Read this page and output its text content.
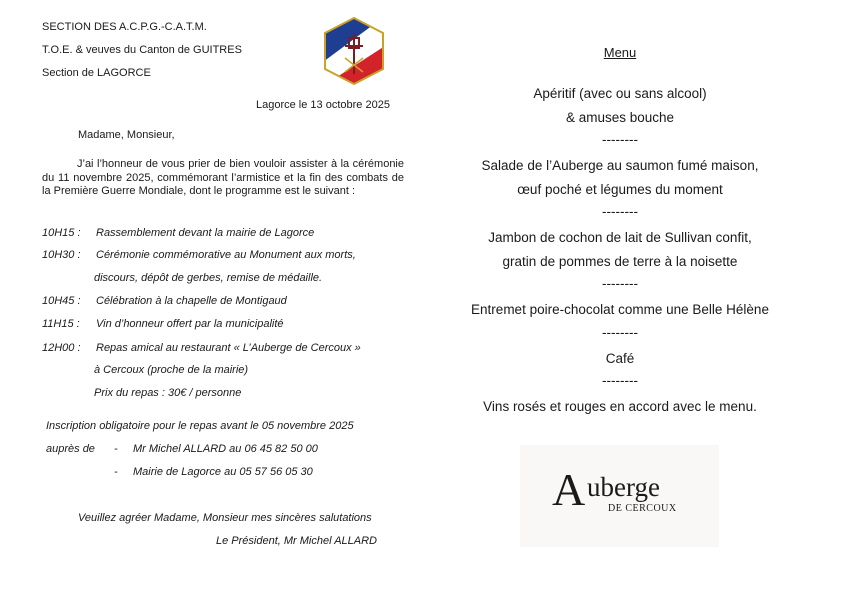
SECTION DES A.C.P.G.-C.A.T.M.
T.O.E. & veuves du Canton de GUITRES
Section de LAGORCE
Lagorce le 13 octobre 2025
Madame, Monsieur,
J’ai l’honneur de vous prier de bien vouloir assister à la cérémonie du 11 novembre 2025, commémorant l’armistice et la fin des combats de la Première Guerre Mondiale, dont le programme est le suivant :
10H15 : Rassemblement devant la mairie de Lagorce
10H30 : Cérémonie commémorative au Monument aux morts,
discours, dépôt de gerbes, remise de médaille.
10H45 : Célébration à la chapelle de Montigaud
11H15 : Vin d’honneur offert par la municipalité
12H00 : Repas amical au restaurant « L’Auberge de Cercoux »
à Cercoux (proche de la mairie)
Prix du repas : 30€ / personne
Inscription obligatoire pour le repas avant le 05 novembre 2025
auprès de - Mr Michel ALLARD au 06 45 82 50 00
- Mairie de Lagorce au 05 57 56 05 30
Veuillez agréer Madame, Monsieur mes sincères salutations
Le Président, Mr Michel ALLARD
Menu
Apéritif (avec ou sans alcool)
& amuses bouche
--------
Salade de l’Auberge au saumon fumé maison,
œuf poché et légumes du moment
--------
Jambon de cochon de lait de Sullivan confit,
gratin de pommes de terre à la noisette
--------
Entremet poire-chocolat comme une Belle Hélène
--------
Café
--------
Vins rosés et rouges en accord avec le menu.
A uberge
DE CERCOUX
